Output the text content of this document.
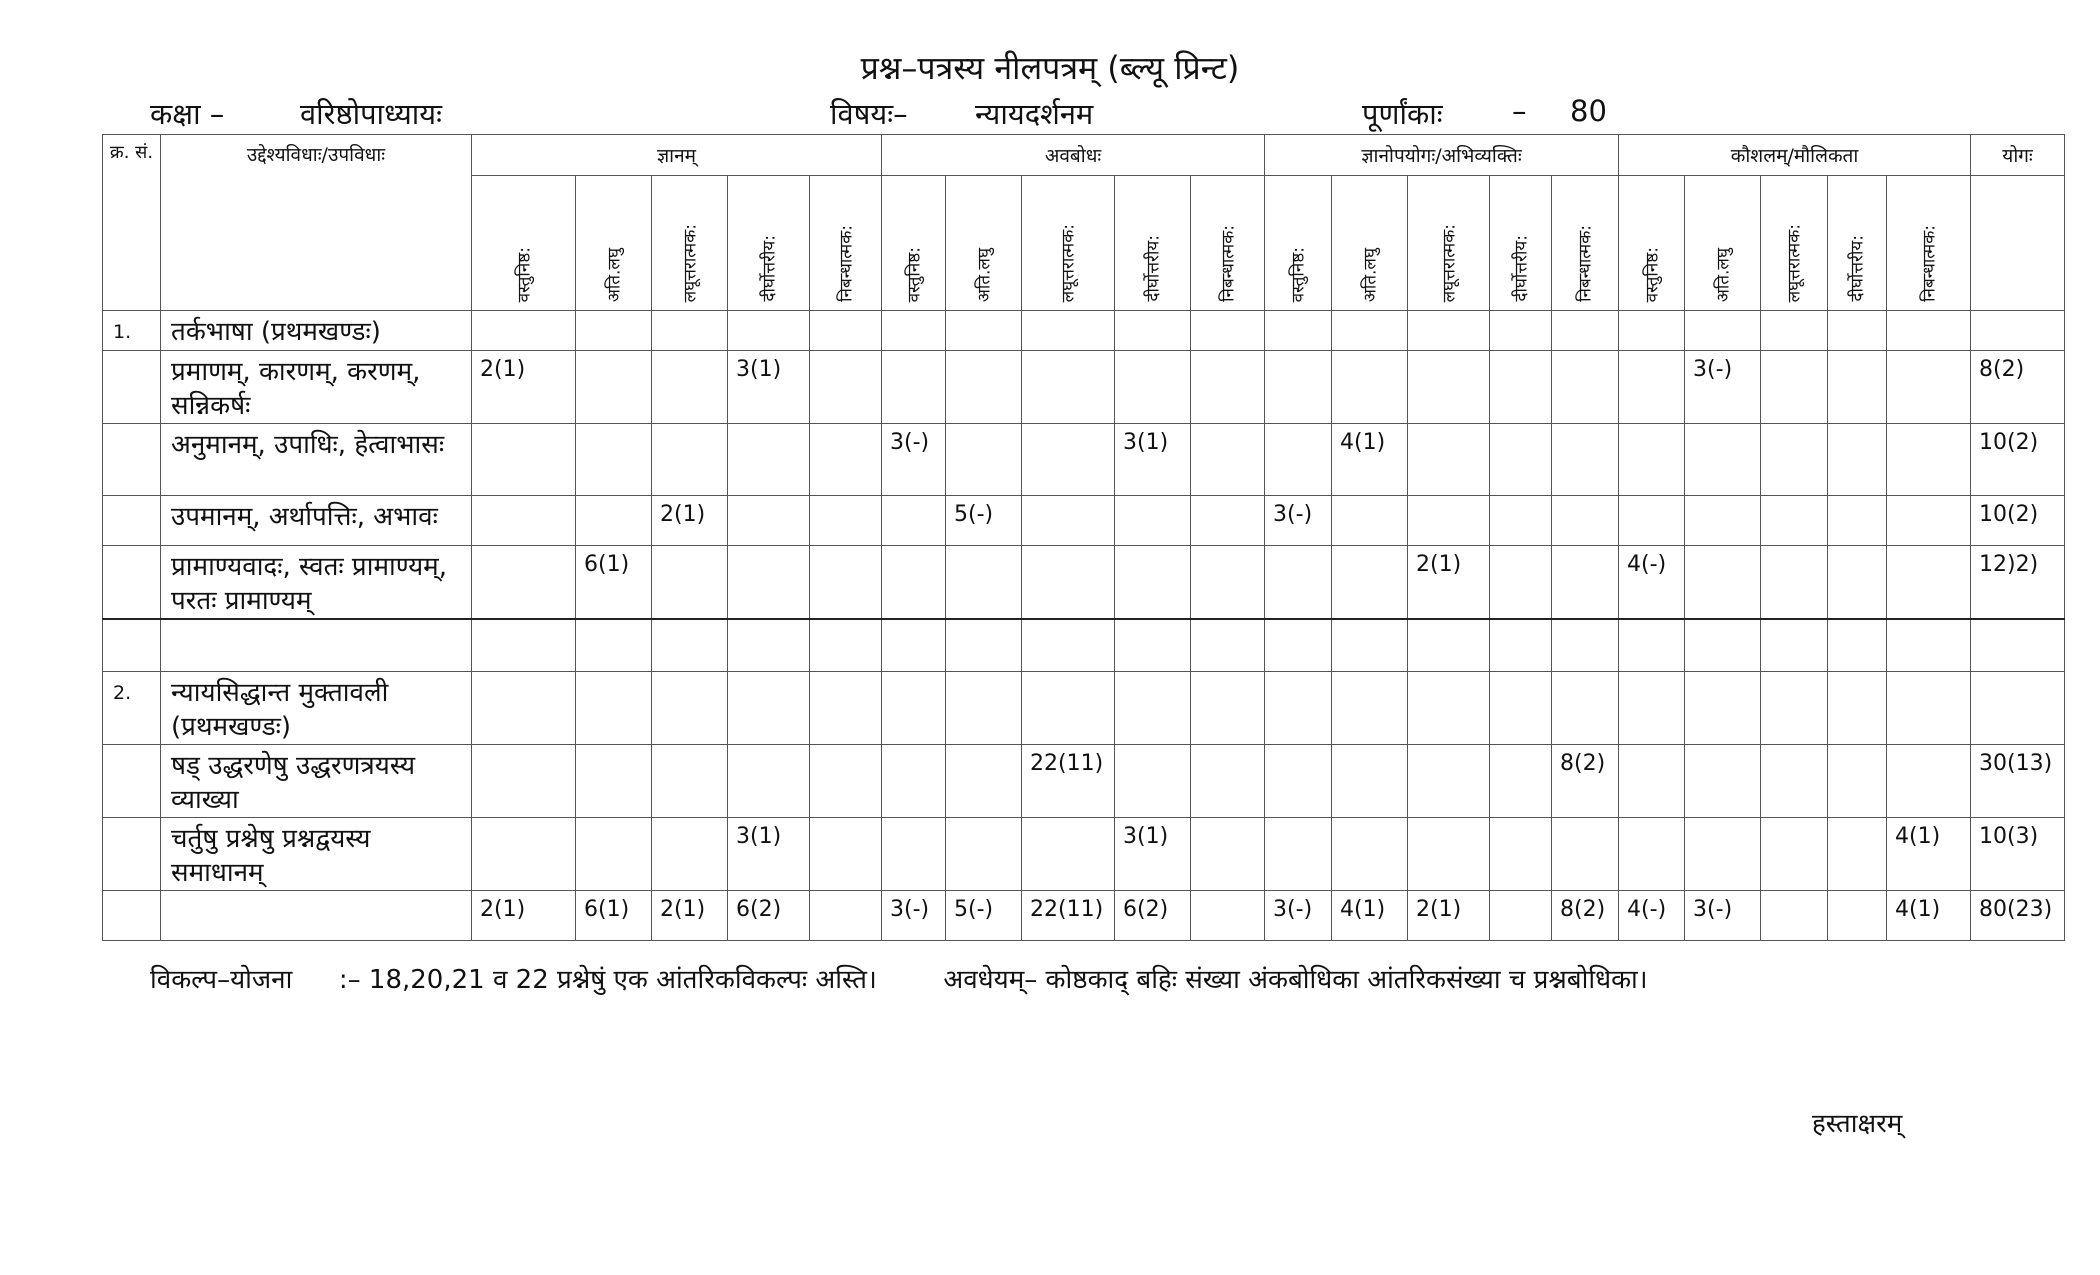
प्रश्न–पत्रस्य नीलपत्रम् (ब्ल्यू प्रिन्ट)
कक्षा –	वरिष्ठोपाध्यायः	विषयः– न्यायदर्शनम	पूर्णांकाः – 80
क्र. सं.	उद्देश्यविधाः/उपविधाः	ज्ञानम्					अवबोधः					ज्ञानोपयोगः/अभिव्यक्तिः					कौशलम्/मौलिकता					योगः

		वस्तुनिष्ठ:	अति.लघु	लघूत्तरात्मक:	दीर्घोत्तरीय:	निबन्धात्मक:	वस्तुनिष्ठ:	अति.लघु	लघूत्तरात्मक:	दीर्घोत्तरीय:	निबन्धात्मक:	वस्तुनिष्ठ:	अति.लघु	लघूत्तरात्मक:	दीर्घोत्तरीय:	निबन्धात्मक:	वस्तुनिष्ठ:	अति.लघु	लघूत्तरात्मक:	दीर्घोत्तरीय:	निबन्धात्मक:	

1.	तर्कभाषा (प्रथमखण्डः)																					
	प्रमाणम्, कारणम्, करणम्, सन्निकर्षः	2(1)			3(1)													3(-)				8(2)
	अनुमानम्, उपाधिः, हेत्वाभासः						3(-)			3(1)			4(1)									10(2)
	उपमानम्, अर्थापत्तिः, अभावः			2(1)				5(-)				3(-)										10(2)
	प्रामाण्यवादः, स्वतः प्रामाण्यम्, परतः प्रामाण्यम्		6(1)											2(1)			4(-)					12)2)

2.	न्यायसिद्धान्त मुक्तावली (प्रथमखण्डः)																					
	षड् उद्धरणेषु उद्धरणत्रयस्य व्याख्या								22(11)							8(2)						30(13)
	चर्तुषु प्रश्नेषु प्रश्नद्वयस्य समाधानम्				3(1)					3(1)											4(1)	10(3)
		2(1)	6(1)	2(1)	6(2)		3(-)	5(-)	22(11)	6(2)		3(-)	4(1)	2(1)		8(2)	4(-)	3(-)			4(1)	80(23)
विकल्प–योजना :– 18,20,21 व 22 प्रश्नेषुं एक आंतरिकविकल्पः अस्ति।	अवधेयम्– कोष्ठकाद् बहिः संख्या अंकबोधिका आंतरिकसंख्या च प्रश्नबोधिका।
हस्ताक्षरम्
